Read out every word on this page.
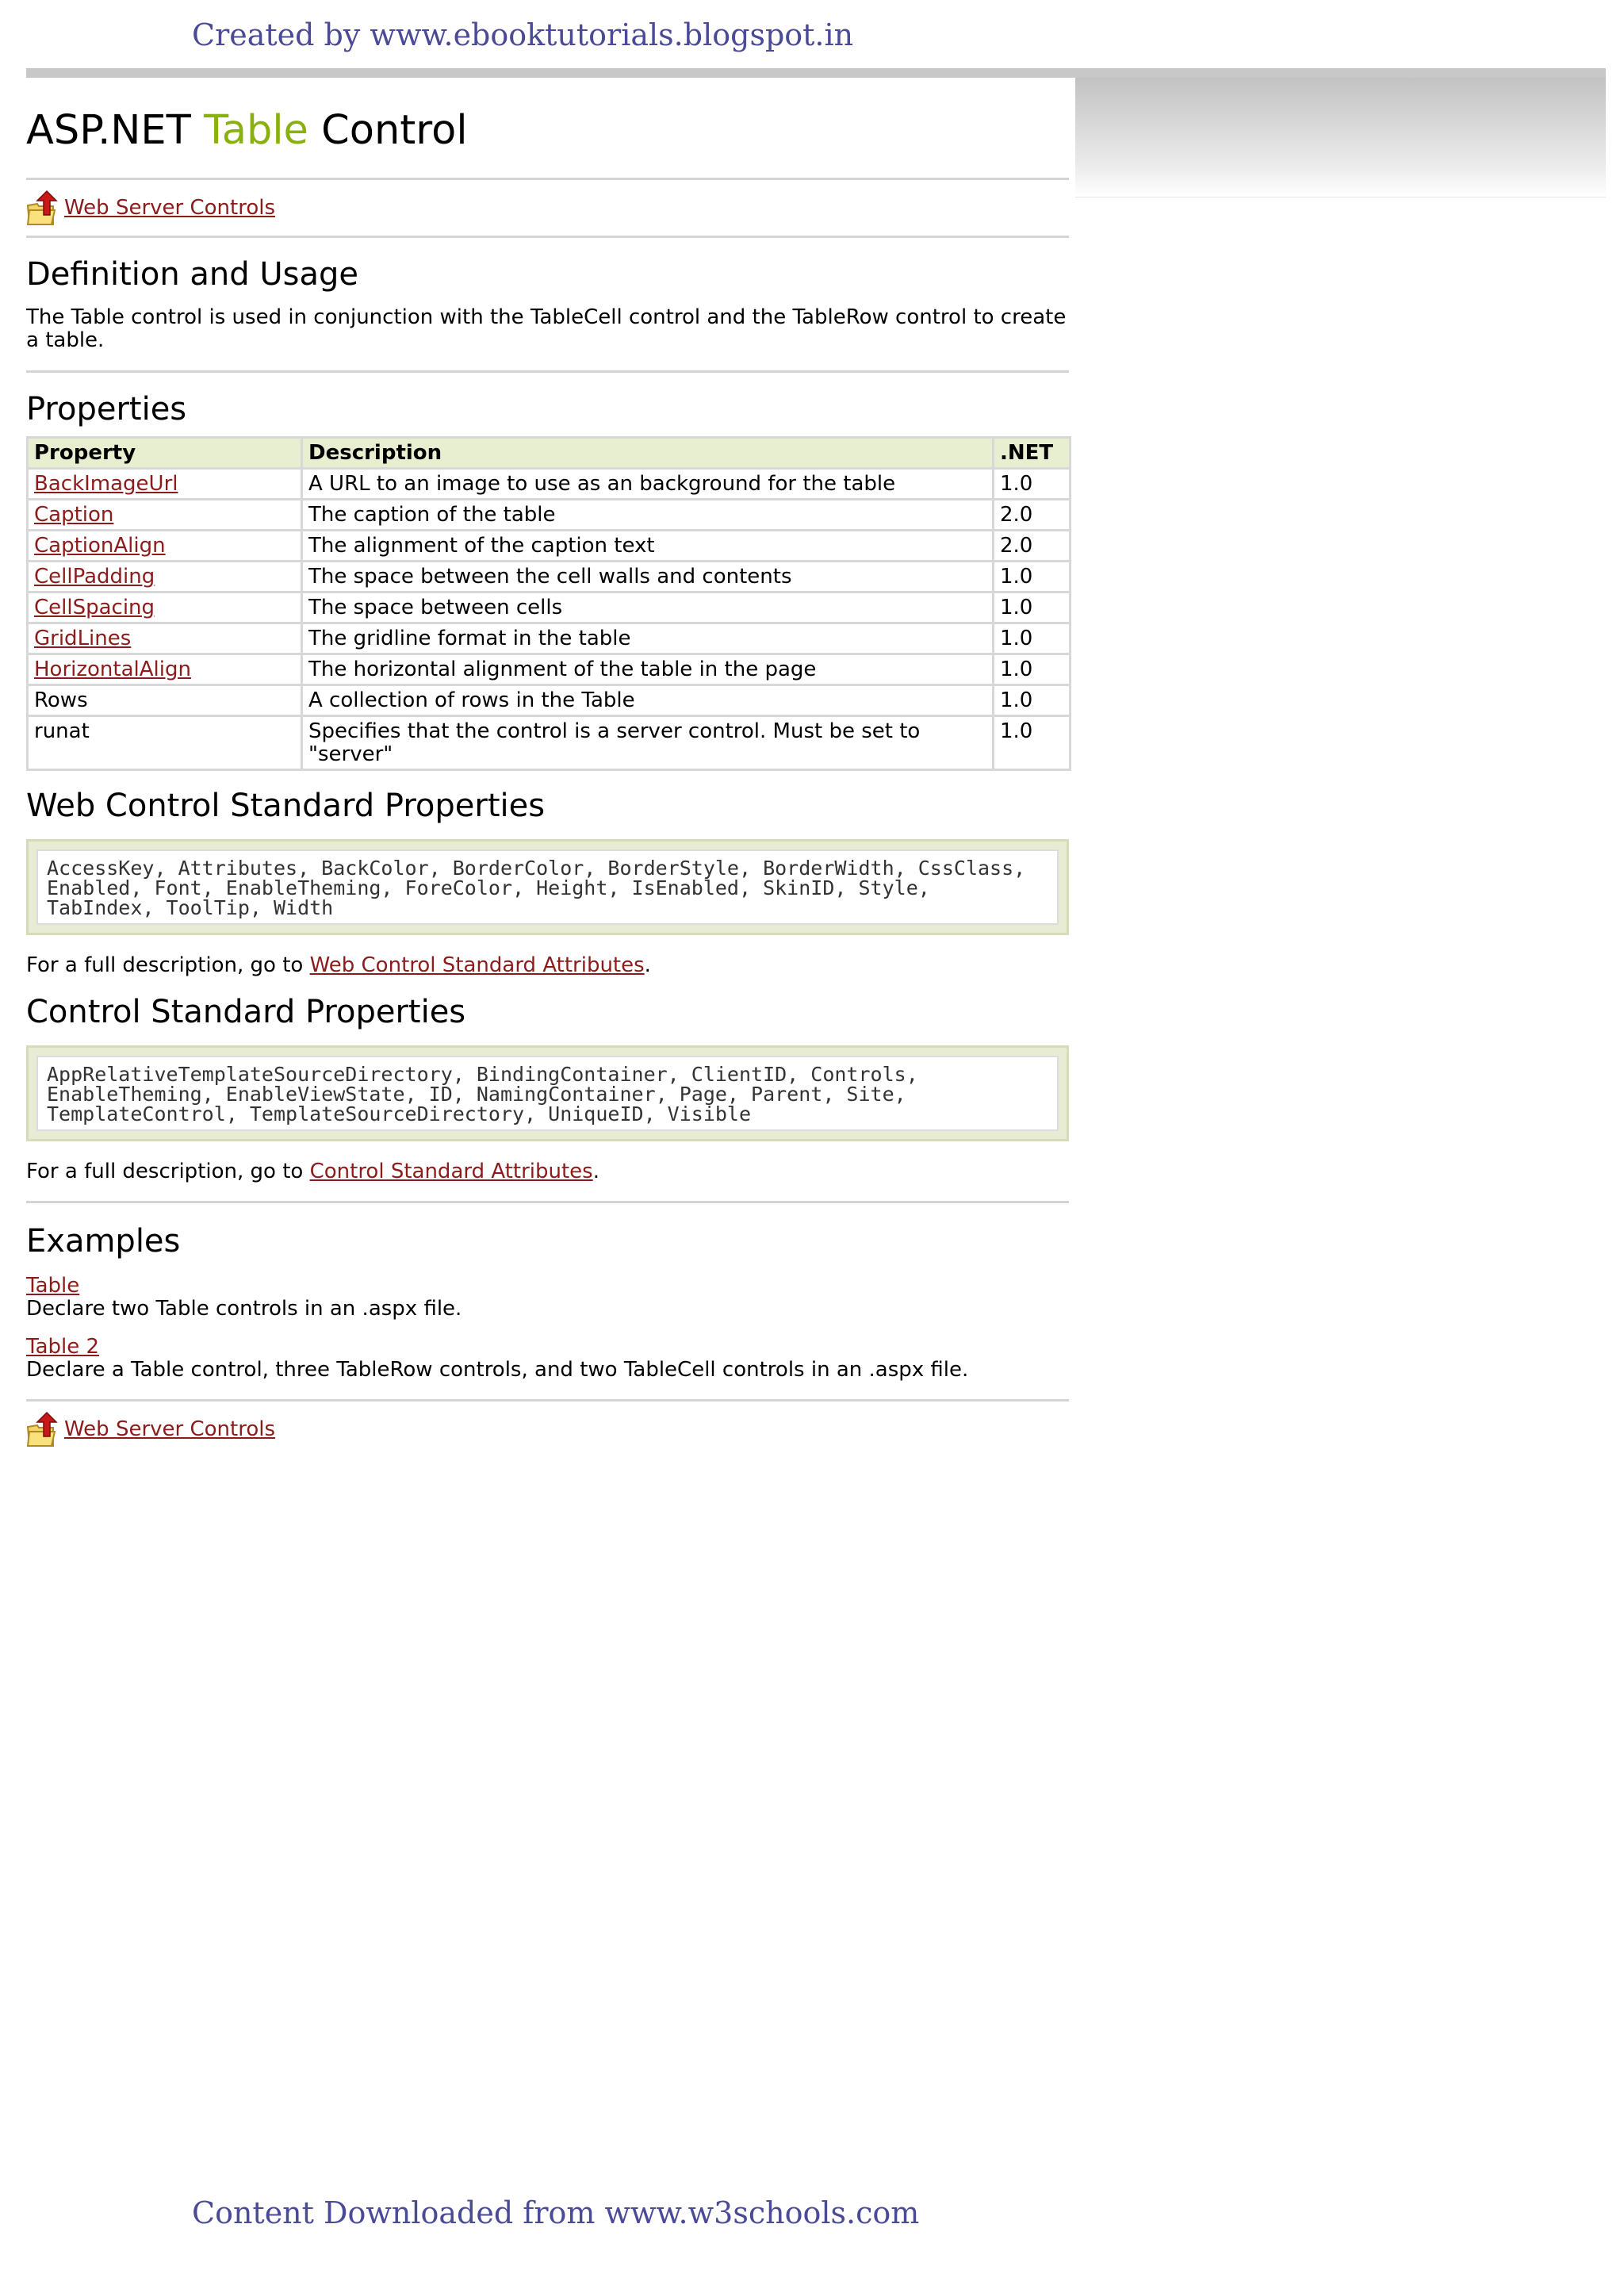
Created by www.ebooktutorials.blogspot.in
ASP.NET Table Control
Web Server Controls
Definition and Usage

The Table control is used in conjunction with the TableCell control and the TableRow control to create a table.

Properties
Property	Description	.NET
BackImageUrl	A URL to an image to use as an background for the table	1.0
Caption	The caption of the table	2.0
CaptionAlign	The alignment of the caption text	2.0
CellPadding	The space between the cell walls and contents	1.0
CellSpacing	The space between cells	1.0
GridLines	The gridline format in the table	1.0
HorizontalAlign	The horizontal alignment of the table in the page	1.0
Rows	A collection of rows in the Table	1.0
runat	Specifies that the control is a server control. Must be set to "server"	1.0
Web Control Standard Properties
AccessKey, Attributes, BackColor, BorderColor, BorderStyle, BorderWidth, CssClass, Enabled, Font, EnableTheming, ForeColor, Height, IsEnabled, SkinID, Style, TabIndex, ToolTip, Width

For a full description, go to Web Control Standard Attributes.

Control Standard Properties
AppRelativeTemplateSourceDirectory, BindingContainer, ClientID, Controls, EnableTheming, EnableViewState, ID, NamingContainer, Page, Parent, Site, TemplateControl, TemplateSourceDirectory, UniqueID, Visible

For a full description, go to Control Standard Attributes.

Examples
Table

Declare two Table controls in an .aspx file.

Table 2

Declare a Table control, three TableRow controls, and two TableCell controls in an .aspx file.

Web Server Controls
Content Downloaded from www.w3schools.com
